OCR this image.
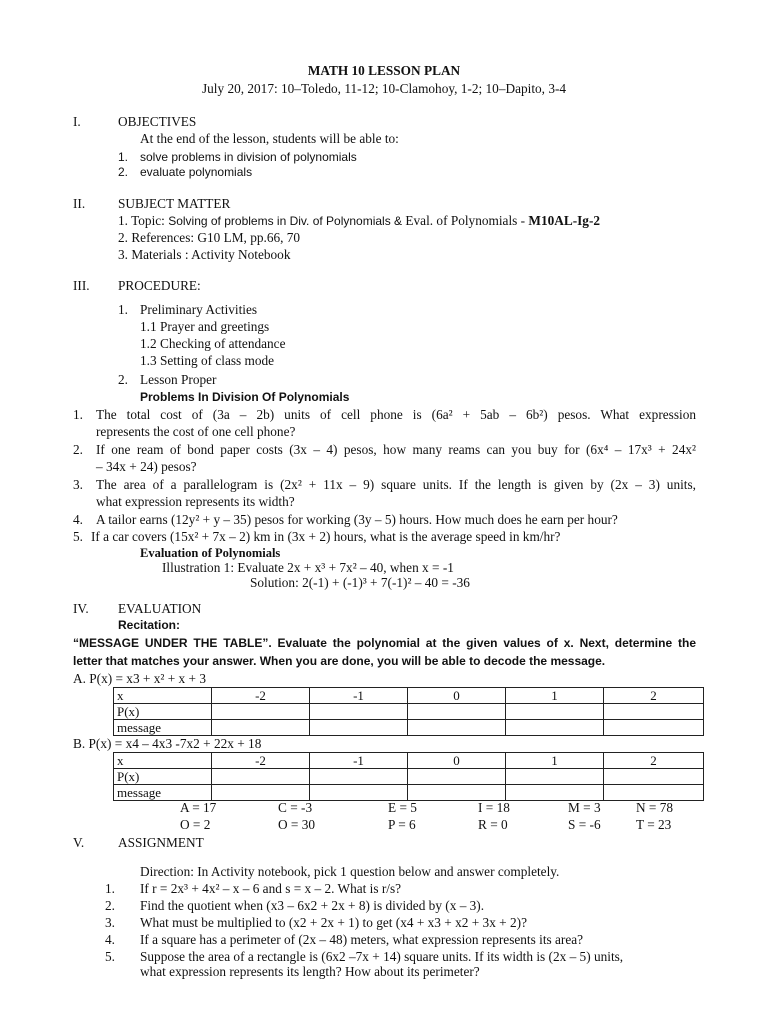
MATH 10 LESSON PLAN
July 20, 2017: 10–Toledo, 11-12; 10-Clamohoy, 1-2; 10–Dapito, 3-4
I.	OBJECTIVES
At the end of the lesson, students will be able to:
1. solve problems in division of polynomials
2. evaluate polynomials
II. SUBJECT MATTER
1. Topic: Solving of problems in Div. of Polynomials & Eval. of Polynomials - M10AL-Ig-2
2. References: G10 LM, pp.66, 70
3. Materials : Activity Notebook
III. PROCEDURE:
1. Preliminary Activities
1.1 Prayer and greetings
1.2 Checking of attendance
1.3 Setting of class mode
2. Lesson Proper
Problems In Division Of Polynomials
1. The total cost of (3a – 2b) units of cell phone is (6a² + 5ab – 6b²) pesos. What expression
represents the cost of one cell phone?
2. If one ream of bond paper costs (3x – 4) pesos, how many reams can you buy for (6x⁴ – 17x³ + 24x²
– 34x + 24) pesos?
3. The area of a parallelogram is (2x² + 11x – 9) square units. If the length is given by (2x – 3) units,
what expression represents its width?
4. A tailor earns (12y² + y – 35) pesos for working (3y – 5) hours. How much does he earn per hour?
5. If a car covers (15x² + 7x – 2) km in (3x + 2) hours, what is the average speed in km/hr?
Evaluation of Polynomials
Illustration 1: Evaluate 2x + x³ + 7x² – 40, when x = -1
Solution: 2(-1) + (-1)³ + 7(-1)² – 40 = -36
IV. EVALUATION
Recitation:
“MESSAGE UNDER THE TABLE”. Evaluate the polynomial at the given values of x. Next, determine the
letter that matches your answer. When you are done, you will be able to decode the message.
A. P(x) = x3 + x² + x + 3
x	-2	-1	0	1	2
P(x)					
message					
B. P(x) = x4 – 4x3 -7x2 + 22x + 18
x	-2	-1	0	1	2
P(x)					
message					
A = 17	C = -3	E = 5	I = 18	M = 3	N = 78
O = 2	O = 30	P = 6	R = 0	S = -6	T = 23
V.	ASSIGNMENT
Direction: In Activity notebook, pick 1 question below and answer completely.
1. If r = 2x³ + 4x² – x – 6 and s = x – 2. What is r/s?
2. Find the quotient when (x3 – 6x2 + 2x + 8) is divided by (x – 3).
3. What must be multiplied to (x2 + 2x + 1) to get (x4 + x3 + x2 + 3x + 2)?
4. If a square has a perimeter of (2x – 48) meters, what expression represents its area?
5. Suppose the area of a rectangle is (6x2 –7x + 14) square units. If its width is (2x – 5) units,
what expression represents its length? How about its perimeter?
